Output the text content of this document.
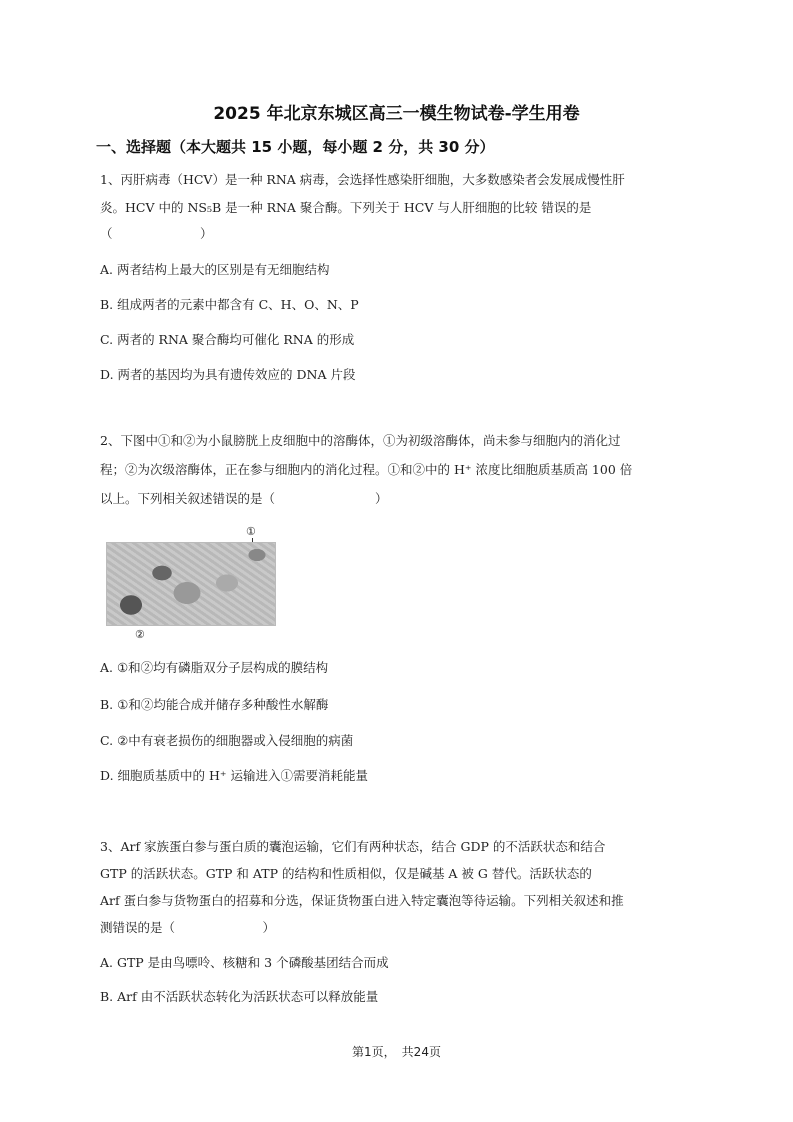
2025 年北京东城区高三一模生物试卷-学生用卷
一、选择题（本大题共 15 小题，每小题 2 分，共 30 分）
1、丙肝病毒（HCV）是一种 RNA 病毒，会选择性感染肝细胞，大多数感染者会发展成慢性肝
炎。HCV 中的 NS₅B 是一种 RNA 聚合酶。下列关于 HCV 与人肝细胞的比较 错误的是
（　　　　　　　）
A. 两者结构上最大的区别是有无细胞结构
B. 组成两者的元素中都含有 C、H、O、N、P
C. 两者的 RNA 聚合酶均可催化 RNA 的形成
D. 两者的基因均为具有遗传效应的 DNA 片段
2、下图中①和②为小鼠膀胱上皮细胞中的溶酶体，①为初级溶酶体，尚未参与细胞内的消化过
程；②为次级溶酶体，正在参与细胞内的消化过程。①和②中的 H⁺ 浓度比细胞质基质高 100 倍
以上。下列相关叙述错误的是（　　　　　　　　）
①
②
A. ①和②均有磷脂双分子层构成的膜结构
B. ①和②均能合成并储存多种酸性水解酶
C. ②中有衰老损伤的细胞器或入侵细胞的病菌
D. 细胞质基质中的 H⁺ 运输进入①需要消耗能量
3、Arf 家族蛋白参与蛋白质的囊泡运输，它们有两种状态，结合 GDP 的不活跃状态和结合
GTP 的活跃状态。GTP 和 ATP 的结构和性质相似，仅是碱基 A 被 G 替代。活跃状态的
Arf 蛋白参与货物蛋白的招募和分选，保证货物蛋白进入特定囊泡等待运输。下列相关叙述和推
测错误的是（　　　　　　　）
A. GTP 是由鸟嘌呤、核糖和 3 个磷酸基团结合而成
B. Arf 由不活跃状态转化为活跃状态可以释放能量
第1页，　共24页
